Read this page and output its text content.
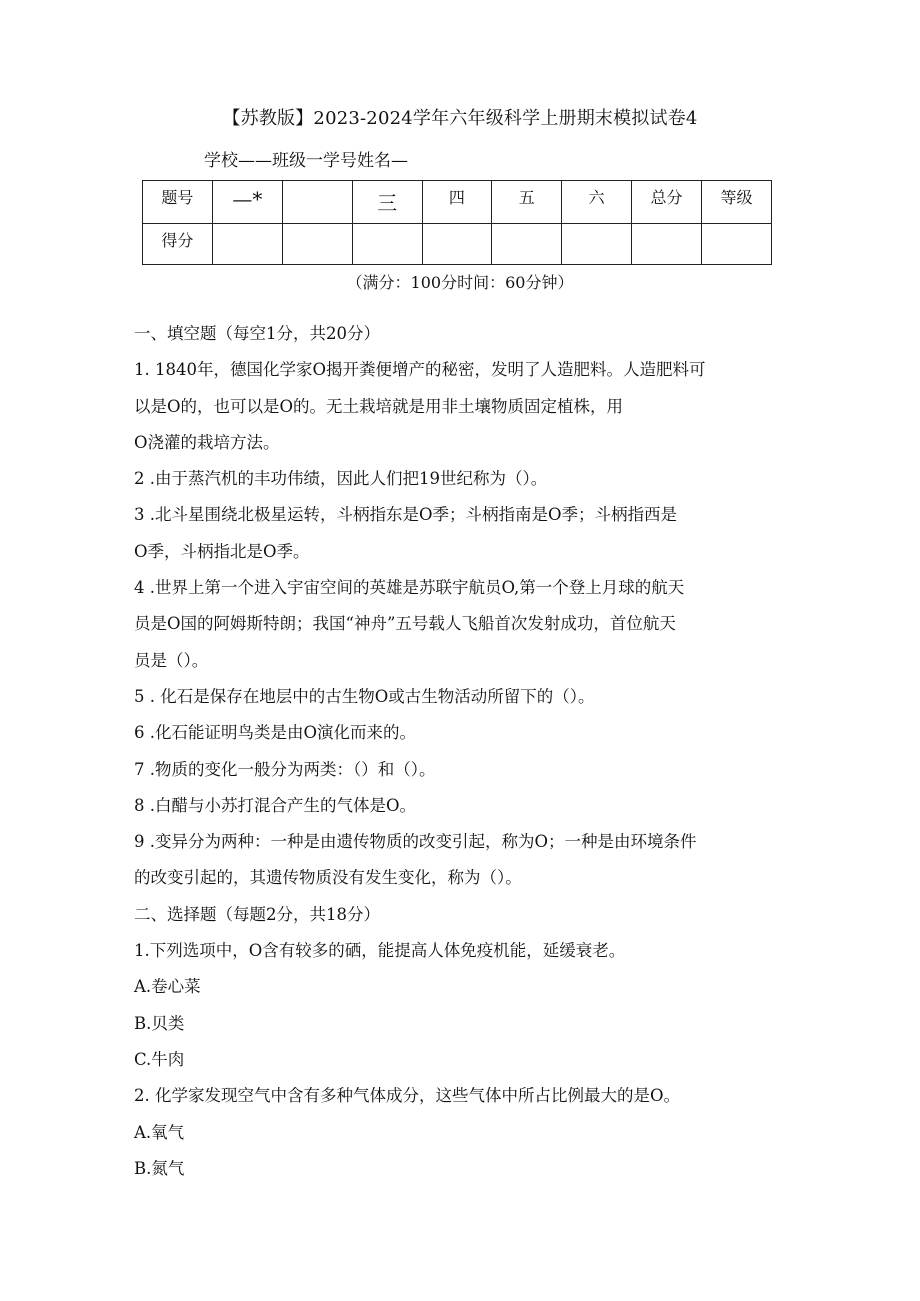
【苏教版】2023-2024学年六年级科学上册期末模拟试卷4
学校——班级一学号姓名—
题号	—*		三	四	五	六	总分	等级
得分								
（满分：100分时间：60分钟）

一、填空题（每空1分，共20分）

1. 1840年，德国化学家O揭开粪便增产的秘密，发明了人造肥料。人造肥料可

以是O的，也可以是O的。无土栽培就是用非土壤物质固定植株，用

O浇灌的栽培方法。

2 .由于蒸汽机的丰功伟绩，因此人们把19世纪称为（）。

3 .北斗星围绕北极星运转，斗柄指东是O季；斗柄指南是O季；斗柄指西是

O季，斗柄指北是O季。

4 .世界上第一个进入宇宙空间的英雄是苏联宇航员O,第一个登上月球的航天

员是O国的阿姆斯特朗；我国“神舟”五号载人飞船首次发射成功，首位航天

员是（）。

5 . 化石是保存在地层中的古生物O或古生物活动所留下的（）。

6 .化石能证明鸟类是由O演化而来的。

7 .物质的变化一般分为两类：（）和（）。

8 .白醋与小苏打混合产生的气体是O。

9 .变异分为两种：一种是由遗传物质的改变引起，称为O；一种是由环境条件

的改变引起的，其遗传物质没有发生变化，称为（）。

二、选择题（每题2分，共18分）

1.下列选项中，O含有较多的硒，能提高人体免疫机能，延缓衰老。

A.卷心菜

B.贝类

C.牛肉

2. 化学家发现空气中含有多种气体成分，这些气体中所占比例最大的是O。

A.氧气

B.氮气
